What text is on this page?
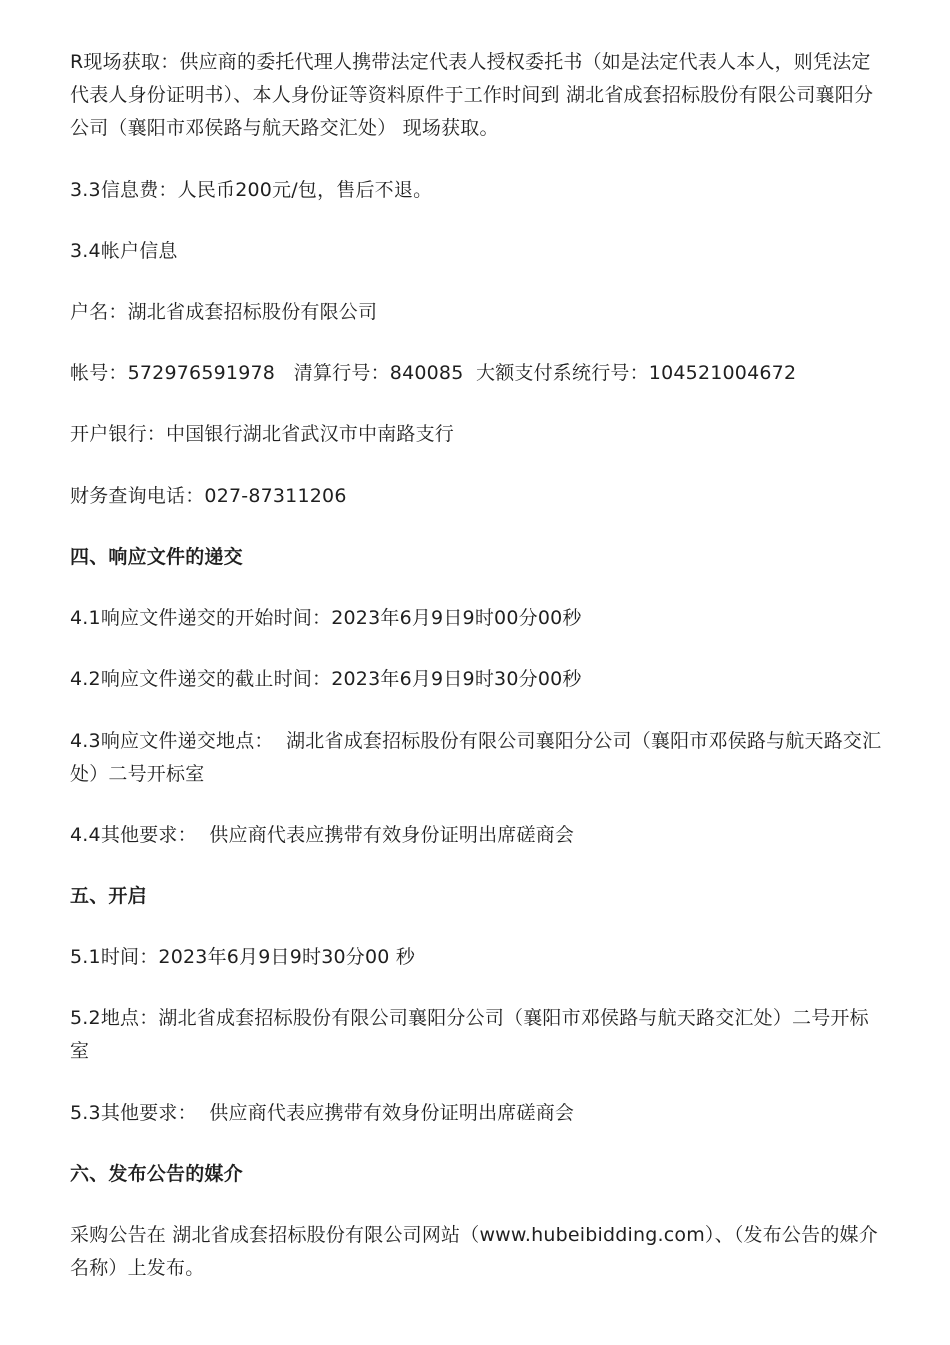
R现场获取：供应商的委托代理人携带法定代表人授权委托书（如是法定代表人本人，则凭法定代表人身份证明书）、本人身份证等资料原件于工作时间到 湖北省成套招标股份有限公司襄阳分公司（襄阳市邓侯路与航天路交汇处） 现场获取。
3.3信息费：人民币200元/包，售后不退。
3.4帐户信息
户名：湖北省成套招标股份有限公司
帐号：572976591978   清算行号：840085  大额支付系统行号：104521004672
开户银行：中国银行湖北省武汉市中南路支行
财务查询电话：027-87311206
四、响应文件的递交
4.1响应文件递交的开始时间：2023年6月9日9时00分00秒
4.2响应文件递交的截止时间：2023年6月9日9时30分00秒
4.3响应文件递交地点：  湖北省成套招标股份有限公司襄阳分公司（襄阳市邓侯路与航天路交汇处）二号开标室
4.4其他要求：  供应商代表应携带有效身份证明出席磋商会
五、开启
5.1时间：2023年6月9日9时30分00 秒
5.2地点：湖北省成套招标股份有限公司襄阳分公司（襄阳市邓侯路与航天路交汇处）二号开标室
5.3其他要求：  供应商代表应携带有效身份证明出席磋商会
六、发布公告的媒介
采购公告在 湖北省成套招标股份有限公司网站（www.hubeibidding.com）、（发布公告的媒介名称）上发布。
